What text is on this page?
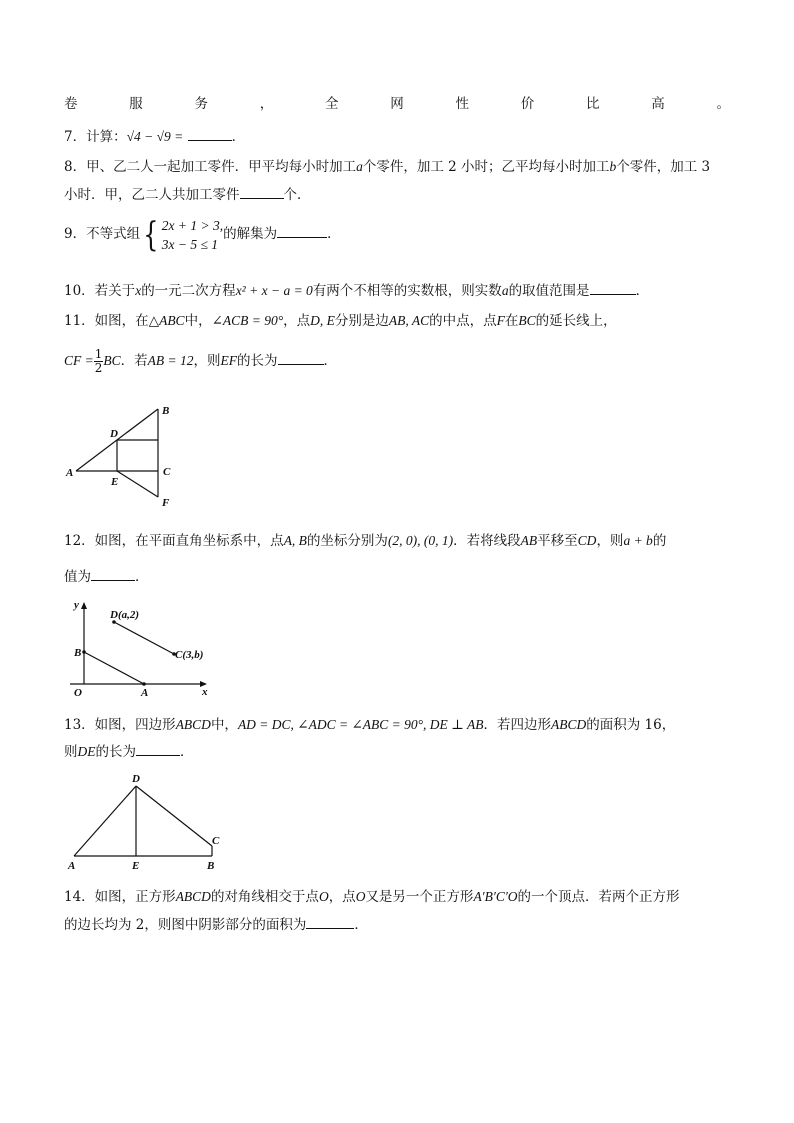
卷	服	务	，	全	网	性	价	比	高	。
7．计算：√4 − √9 =	．
8．甲、乙二人一起加工零件．甲平均每小时加工a个零件，加工 2 小时；乙平均每小时加工b个零件，加工 3
小时．甲，乙二人共加工零件	个．
9．不等式组{ 2x + 1 > 3,
3x − 5 ≤ 1
的解集为	．
10．若关于x的一元二次方程x² + x − a = 0有两个不相等的实数根，则实数a的取值范围是	．
11．如图，在△ABC中，∠ACB = 90°，点D, E分别是边AB, AC的中点，点F在BC的延长线上，
CF = $\frac{1}{2}$ BC．若AB = 12，则EF的长为	．
B
D
A
E
C
F
12．如图，在平面直角坐标系中，点A, B的坐标分别为(2, 0), (0, 1)．若将线段AB平移至CD，则a + b的
值为	．
y
x
O
B
A
D(a,2)
C(3,b)
13．如图，四边形ABCD中，AD = DC, ∠ADC = ∠ABC = 90°, DE ⊥ AB．若四边形ABCD的面积为 16，
则DE的长为	．
D
C
A	E	B
14．如图，正方形ABCD的对角线相交于点O，点O又是另一个正方形A′B′C′O的一个顶点．若两个正方形
的边长均为 2，则图中阴影部分的面积为	．
